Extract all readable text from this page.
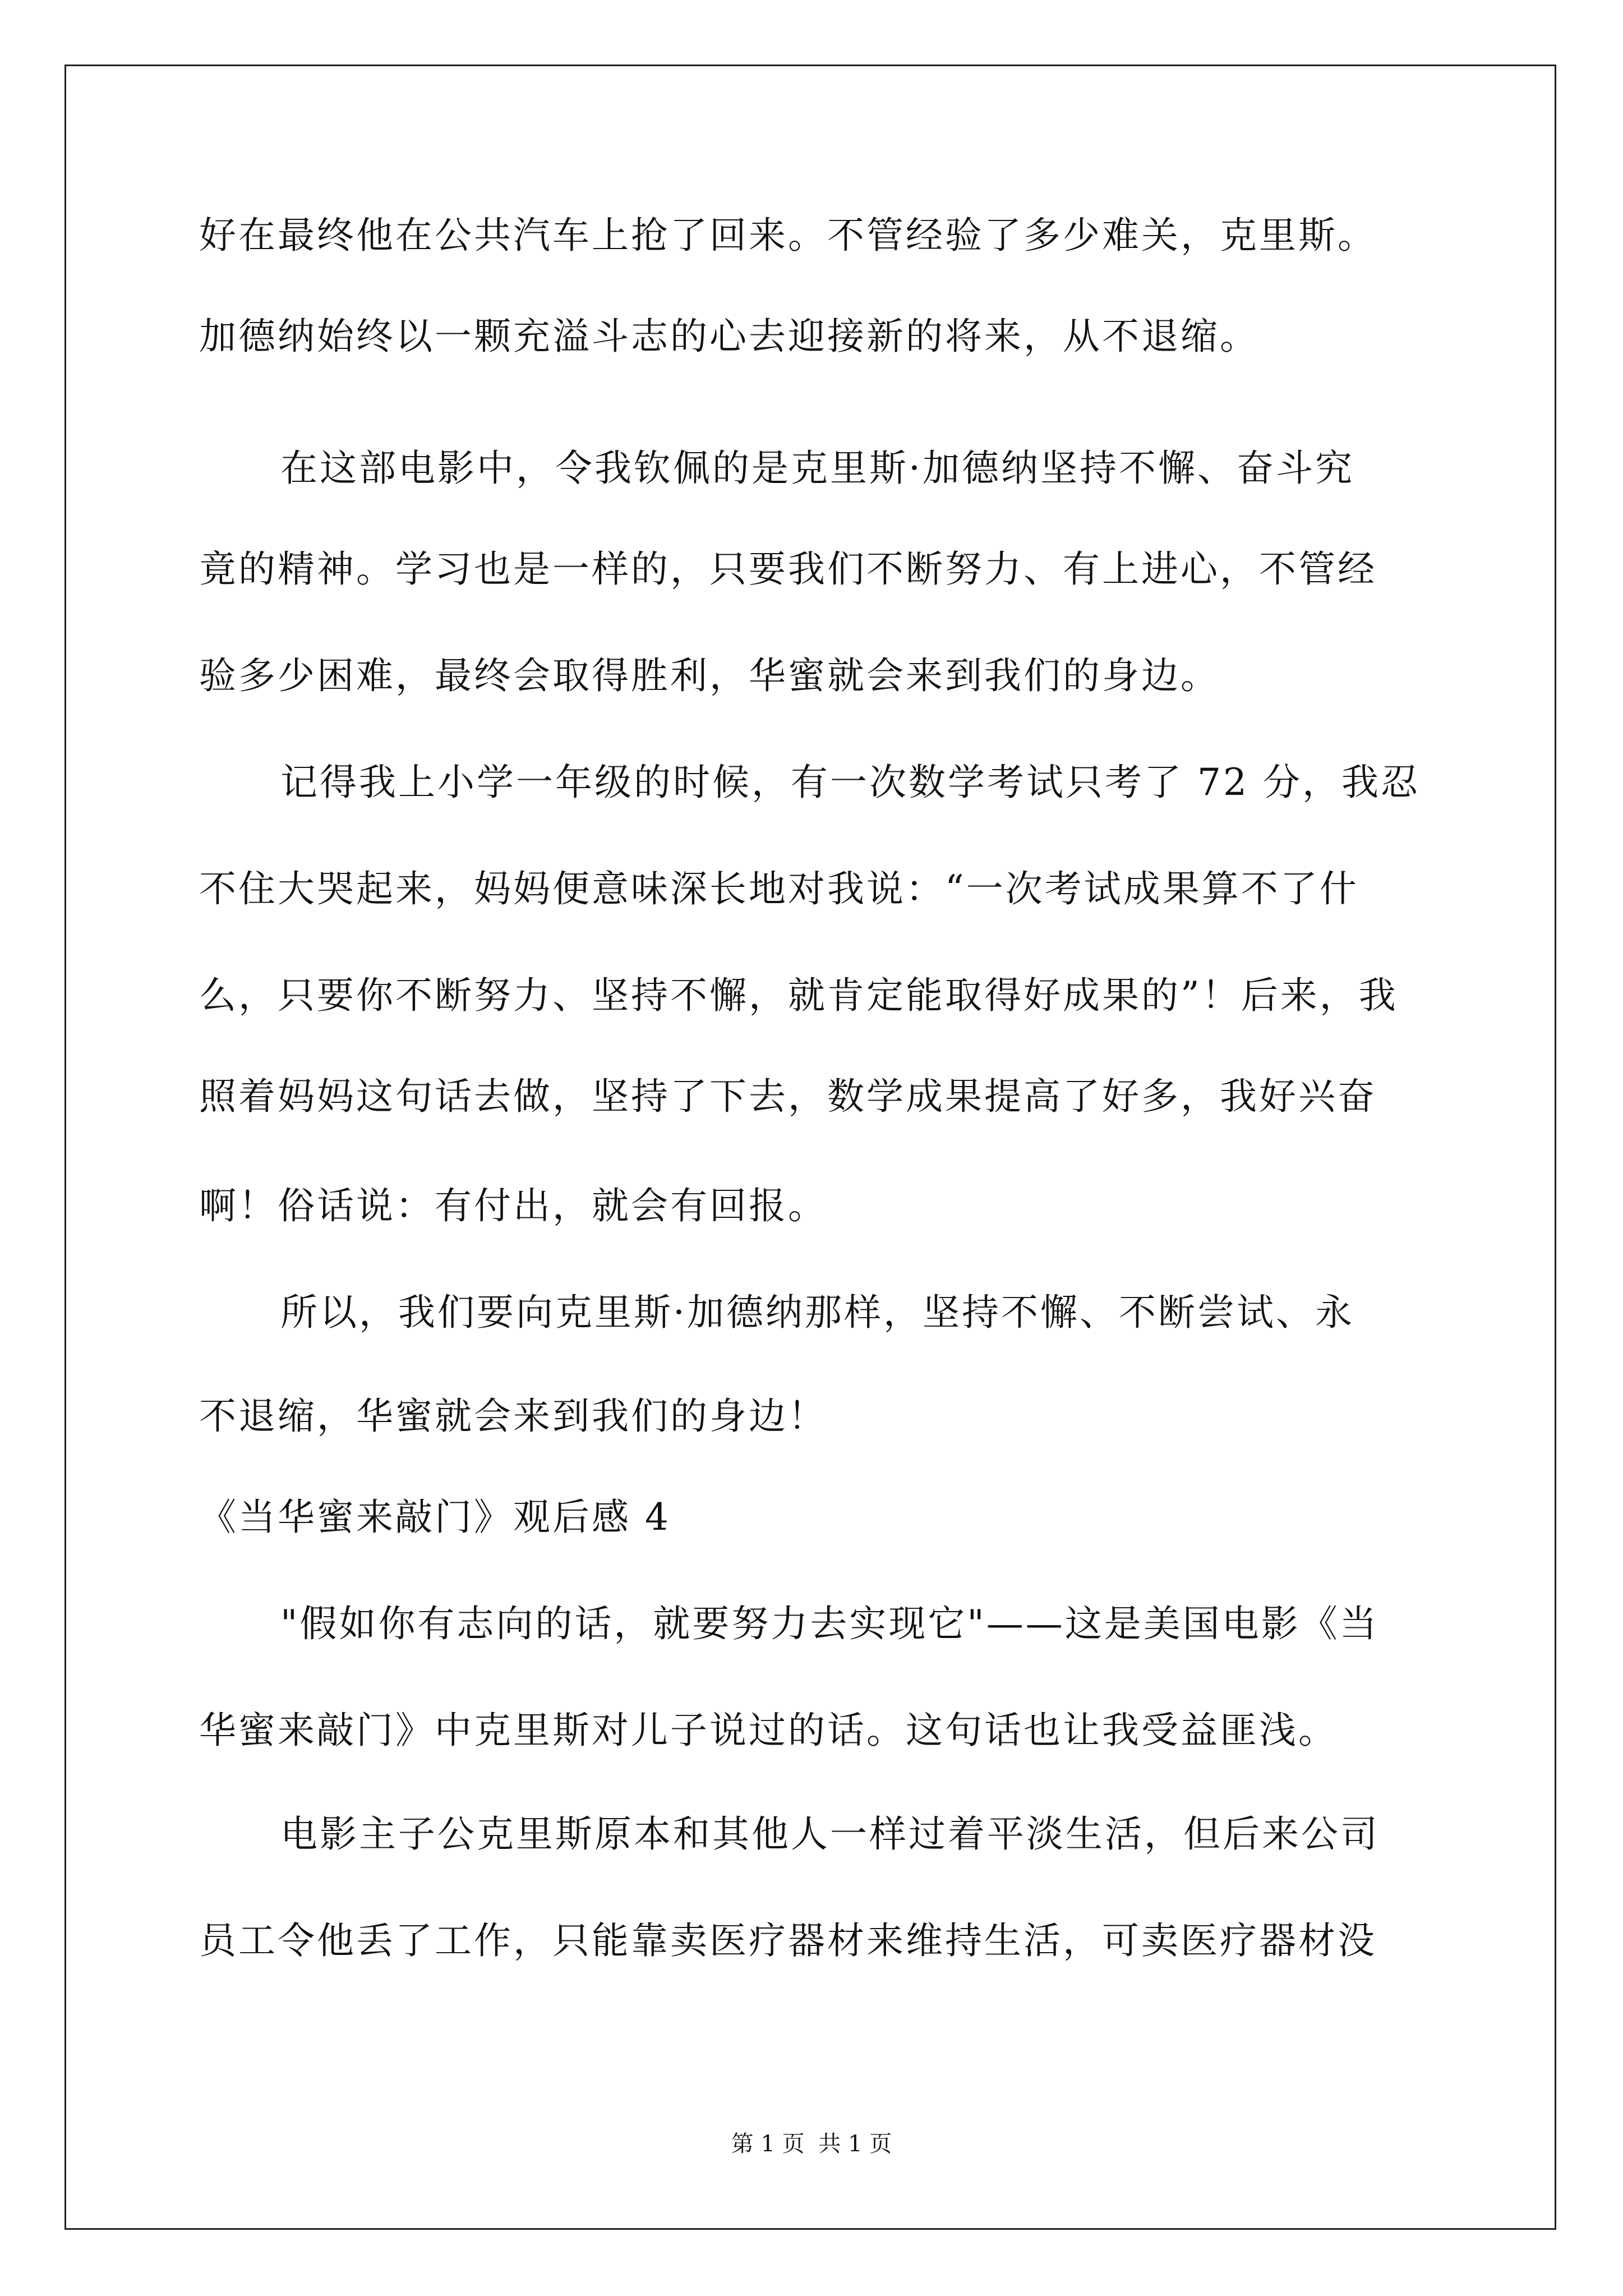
好在最终他在公共汽车上抢了回来。不管经验了多少难关，克里斯。
加德纳始终以一颗充溢斗志的心去迎接新的将来，从不退缩。
在这部电影中，令我钦佩的是克里斯·加德纳坚持不懈、奋斗究
竟的精神。学习也是一样的，只要我们不断努力、有上进心，不管经
验多少困难，最终会取得胜利，华蜜就会来到我们的身边。
记得我上小学一年级的时候，有一次数学考试只考了 72 分，我忍
不住大哭起来，妈妈便意味深长地对我说：“一次考试成果算不了什
么，只要你不断努力、坚持不懈，就肯定能取得好成果的”！后来，我
照着妈妈这句话去做，坚持了下去，数学成果提高了好多，我好兴奋
啊！俗话说：有付出，就会有回报。
所以，我们要向克里斯·加德纳那样，坚持不懈、不断尝试、永
不退缩，华蜜就会来到我们的身边！
《当华蜜来敲门》观后感 4
"假如你有志向的话，就要努力去实现它"——这是美国电影《当
华蜜来敲门》中克里斯对儿子说过的话。这句话也让我受益匪浅。
电影主子公克里斯原本和其他人一样过着平淡生活，但后来公司
员工令他丢了工作，只能靠卖医疗器材来维持生活，可卖医疗器材没
第 1 页 共 1 页
